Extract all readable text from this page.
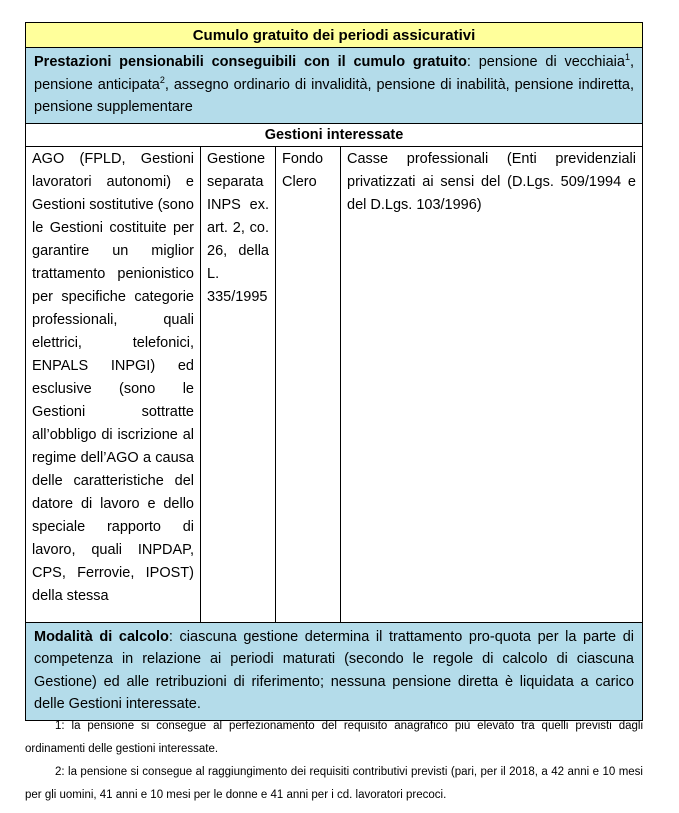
Cumulo gratuito dei periodi assicurativi
Prestazioni pensionabili conseguibili con il cumulo gratuito: pensione di vecchiaia$^1$, pensione anticipata$^2$, assegno ordinario di invalidità, pensione di inabilità, pensione indiretta, pensione supplementare
Gestioni interessate
AGO (FPLD, Gestioni lavoratori autonomi) e Gestioni sostitutive (sono le Gestioni costituite per garantire un miglior trattamento penionistico per specifiche categorie professionali, quali elettrici, telefonici, ENPALS INPGI) ed esclusive (sono le Gestioni sottratte all’obbligo di iscrizione al regime dell’AGO a causa delle caratteristiche del datore di lavoro e dello speciale rapporto di lavoro, quali INPDAP, CPS, Ferrovie, IPOST) della stessa	Gestione separata INPS ex. art. 2, co. 26, della L. 335/1995	Fondo Clero	Casse professionali (Enti previdenziali privatizzati ai sensi del (D.Lgs. 509/1994 e del D.Lgs. 103/1996)
Modalità di calcolo: ciascuna gestione determina il trattamento pro-quota per la parte di competenza in relazione ai periodi maturati (secondo le regole di calcolo di ciascuna Gestione) ed alle retribuzioni di riferimento; nessuna pensione diretta è liquidata a carico delle Gestioni interessate.
1: la pensione si consegue al perfezionamento del requisito anagrafico più elevato tra quelli previsti dagli ordinamenti delle gestioni interessate.
2: la pensione si consegue al raggiungimento dei requisiti contributivi previsti (pari, per il 2018, a 42 anni e 10 mesi per gli uomini, 41 anni e 10 mesi per le donne e 41 anni per i cd. lavoratori precoci.
